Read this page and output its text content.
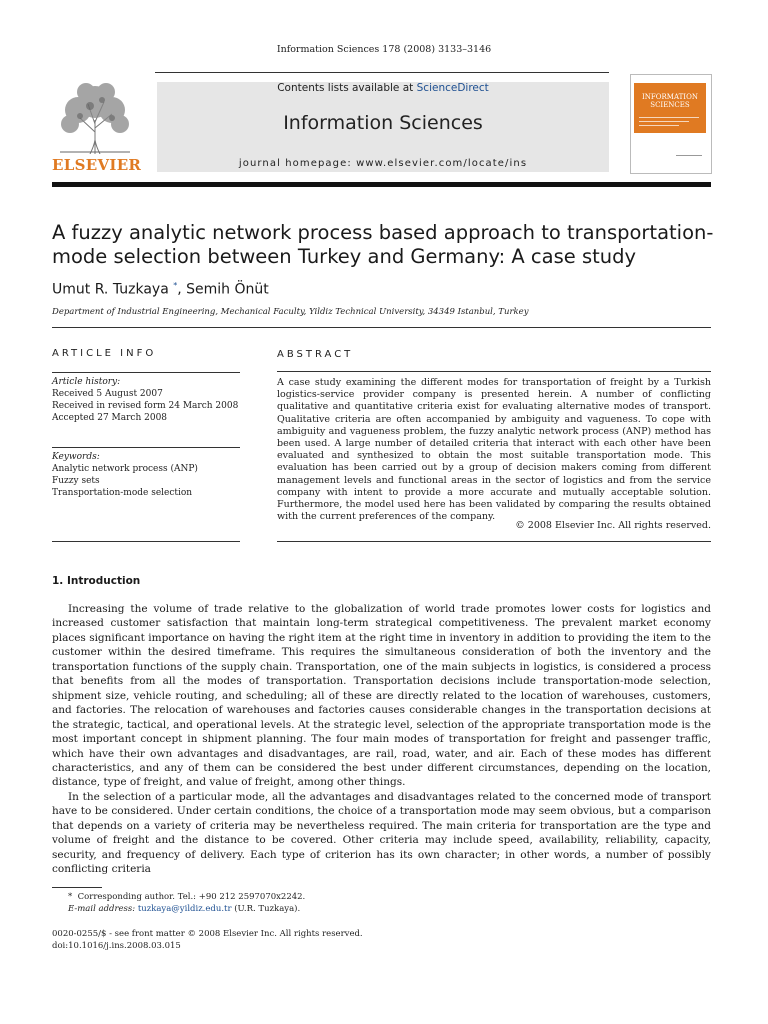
Information Sciences 178 (2008) 3133–3146
ELSEVIER
Contents lists available at ScienceDirect
Information Sciences
journal homepage: www.elsevier.com/locate/ins
INFORMATION SCIENCES
A fuzzy analytic network process based approach to transportation-mode selection between Turkey and Germany: A case study
Umut R. Tuzkaya *, Semih Önüt
Department of Industrial Engineering, Mechanical Faculty, Yildiz Technical University, 34349 Istanbul, Turkey
ARTICLE INFO
Article history:
Received 5 August 2007
Received in revised form 24 March 2008
Accepted 27 March 2008
Keywords:
Analytic network process (ANP)
Fuzzy sets
Transportation-mode selection
ABSTRACT
A case study examining the different modes for transportation of freight by a Turkish logistics-service provider company is presented herein. A number of conflicting qualitative and quantitative criteria exist for evaluating alternative modes of transport. Qualitative criteria are often accompanied by ambiguity and vagueness. To cope with ambiguity and vagueness problem, the fuzzy analytic network process (ANP) method has been used. A large number of detailed criteria that interact with each other have been evaluated and synthesized to obtain the most suitable transportation mode. This evaluation has been carried out by a group of decision makers coming from different management levels and functional areas in the sector of logistics and from the service company with intent to provide a more accurate and mutually acceptable solution. Furthermore, the model used here has been validated by comparing the results obtained with the current preferences of the company.
© 2008 Elsevier Inc. All rights reserved.
1. Introduction

Increasing the volume of trade relative to the globalization of world trade promotes lower costs for logistics and increased customer satisfaction that maintain long-term strategical competitiveness. The prevalent market economy places significant importance on having the right item at the right time in inventory in addition to providing the item to the customer within the desired timeframe. This requires the simultaneous consideration of both the inventory and the transportation functions of the supply chain. Transportation, one of the main subjects in logistics, is considered a process that benefits from all the modes of transportation. Transportation decisions include transportation-mode selection, shipment size, vehicle routing, and scheduling; all of these are directly related to the location of warehouses, customers, and factories. The relocation of warehouses and factories causes considerable changes in the transportation decisions at the strategic, tactical, and operational levels. At the strategic level, selection of the appropriate transportation mode is the most important concept in shipment planning. The four main modes of transportation for freight and passenger traffic, which have their own advantages and disadvantages, are rail, road, water, and air. Each of these modes has different characteristics, and any of them can be considered the best under different circumstances, depending on the location, distance, type of freight, and value of freight, among other things.

In the selection of a particular mode, all the advantages and disadvantages related to the concerned mode of transport have to be considered. Under certain conditions, the choice of a transportation mode may seem obvious, but a comparison that depends on a variety of criteria may be nevertheless required. The main criteria for transportation are the type and volume of freight and the distance to be covered. Other criteria may include speed, availability, reliability, capacity, security, and frequency of delivery. Each type of criterion has its own character; in other words, a number of possibly conflicting criteria

* Corresponding author. Tel.: +90 212 2597070x2242.
E-mail address: tuzkaya@yildiz.edu.tr (U.R. Tuzkaya).
0020-0255/$ - see front matter © 2008 Elsevier Inc. All rights reserved.
doi:10.1016/j.ins.2008.03.015
